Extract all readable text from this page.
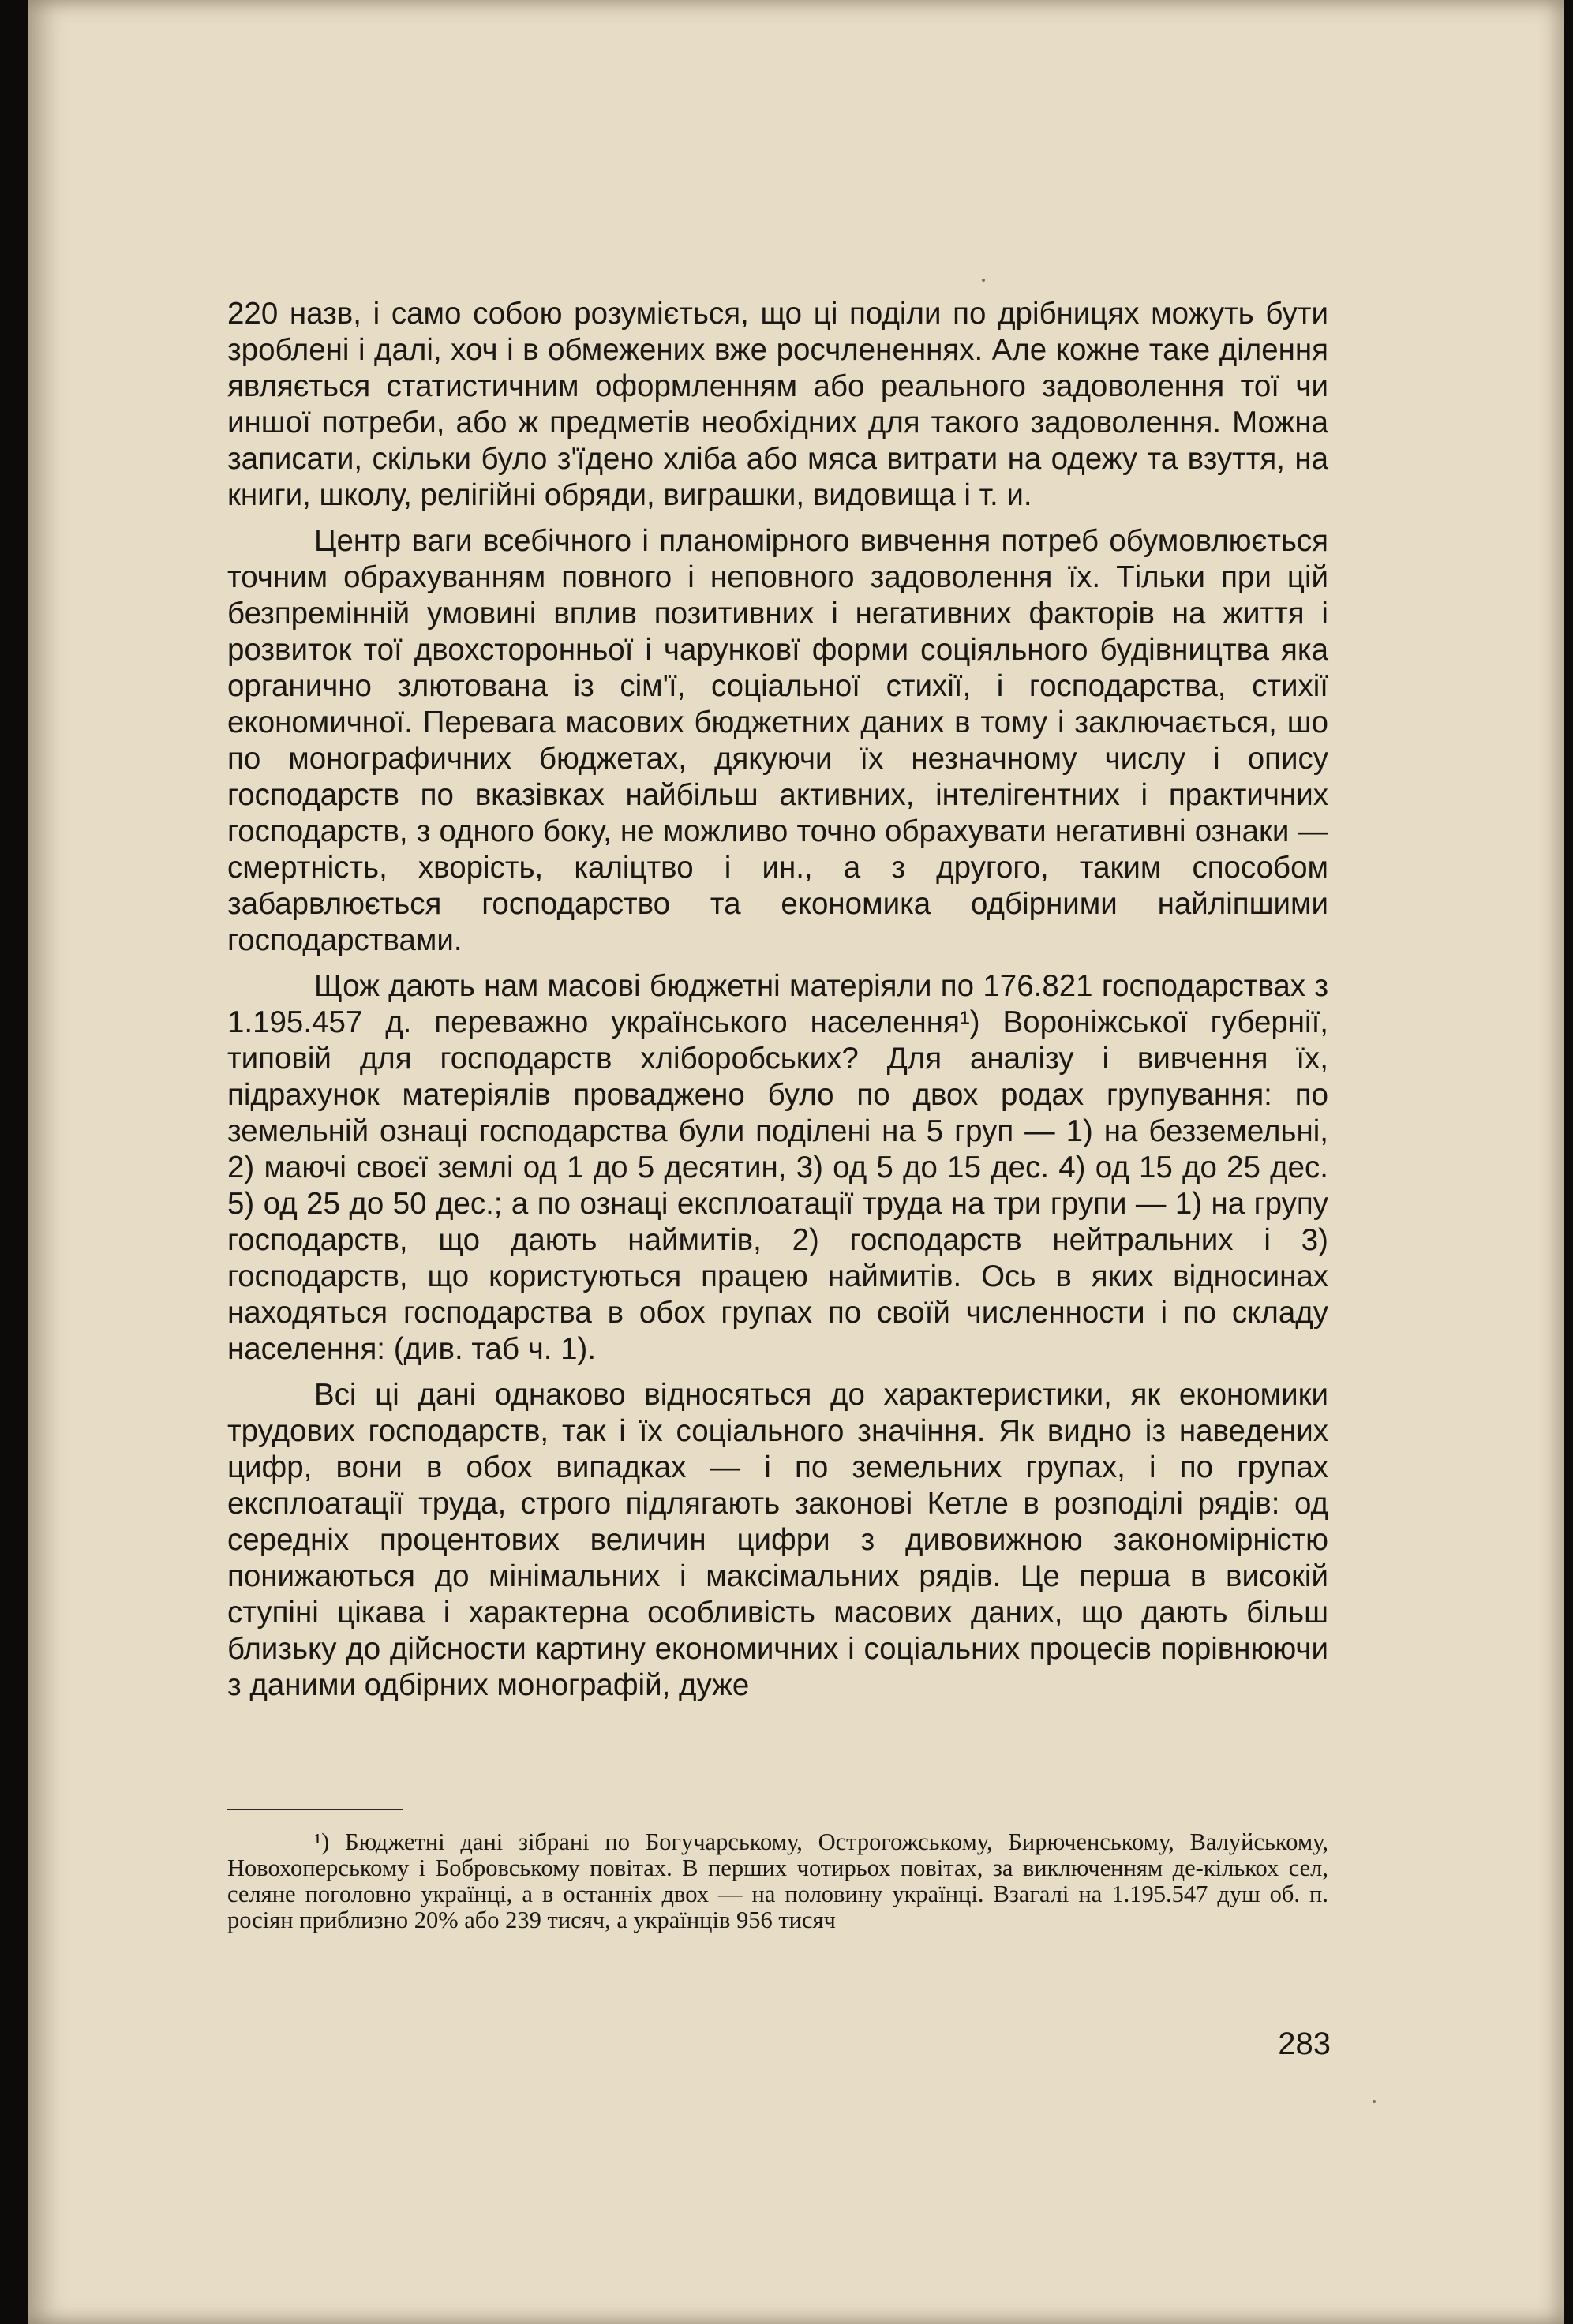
220 назв, і само собою розуміється, що ці поділи по дрібницях можуть бути зроблені і далі, хоч і в обмежених вже росчлененнях. Але кожне таке ділення являється статистичним оформленням або реального задоволення тої чи иншої потреби, або ж предметів необхідних для такого задоволення. Можна записати, скільки було з'їдено хліба або мяса витрати на одежу та взуття, на книги, школу, релігійні обряди, виграшки, видовища і т. и.

Центр ваги всебічного і планомірного вивчення потреб обумовлюється точним обрахуванням повного і неповного задоволення їх. Тільки при цій безпремінній умовині вплив позитивних і негативних факторів на життя і розвиток тої двохсторонньої і чарунковї форми соціяльного будівництва яка органично злютована із сім'ї, соціальної стихії, і господарства, стихії економичної. Перевага масових бюджетних даних в тому і заключається, шо по монографичних бюджетах, дякуючи їх незначному числу і опису господарств по вказівках найбільш активних, інтелігентних і практичних господарств, з одного боку, не можливо точно обрахувати негативні ознаки — смертність, хворість, каліцтво і ин., а з другого, таким способом забарвлюється господарство та економика одбірними найліпшими господарствами.

Щож дають нам масові бюджетні матеріяли по 176.821 господарствах з 1.195.457 д. переважно українського населення¹) Вороніжської губернії, типовій для господарств хліборобських? Для аналізу і вивчення їх, підрахунок матеріялів проваджено було по двох родах групування: по земельній ознаці господарства були поділені на 5 груп — 1) на безземельні, 2) маючі своєї землі од 1 до 5 десятин, 3) од 5 до 15 дес. 4) од 15 до 25 дес. 5) од 25 до 50 дес.; а по ознаці експлоатації труда на три групи — 1) на групу господарств, що дають наймитів, 2) господарств нейтральних і 3) господарств, що користуються працею наймитів. Ось в яких відносинах находяться господарства в обох групах по своїй численности і по складу населення: (див. таб ч. 1).

Всі ці дані однаково відносяться до характеристики, як економики трудових господарств, так і їх соціального значіння. Як видно із наведених цифр, вони в обох випадках — і по земельних групах, і по групах експлоатації труда, строго підлягають законові Кетле в розподілі рядів: од середніх процентових величин цифри з дивовижною закономірністю понижаються до мінімальних і максімальних рядів. Це перша в високій ступіні цікава і характерна особливість масових даних, що дають більш близьку до дійсности картину економичних і соціальних процесів порівнюючи з даними одбірних монографій, дуже

¹) Бюджетні дані зібрані по Богучарському, Острогожському, Бирюченському, Валуйському, Новохоперському і Бобровському повітах. В перших чотирьох повітах, за виключенням де-кількох сел, селяне поголовно українці, а в останніх двох — на половину українці. Взагалі на 1.195.547 душ об. п. росіян приблизно 20% або 239 тисяч, а українців 956 тисяч

283
